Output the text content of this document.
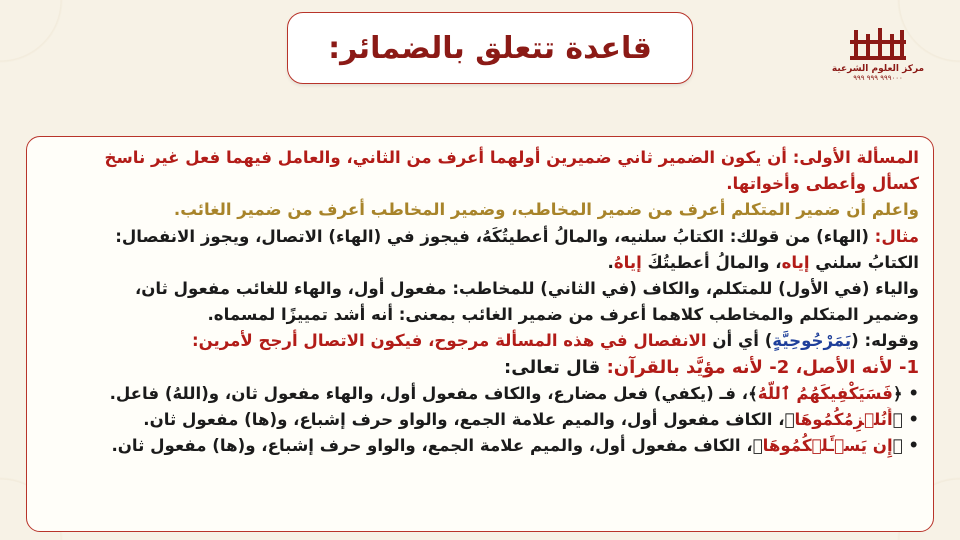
قاعدة تتعلق بالضمائر:
مركز العلوم الشرعية
٩٩٩٠٠٠ ٩٩٩ ٩٩٩
المسألة الأولى: أن يكون الضمير ثاني ضميرين أولهما أعرف من الثاني، والعامل فيهما فعل غير ناسخ
كسأل وأعطى وأخواتها.
واعلم أن ضمير المتكلم أعرف من ضمير المخاطب، وضمير المخاطب أعرف من ضمير الغائب.
مثال: (الهاء) من قولك: الكتابُ سلنيه، والمالُ أعطيتُكَهُ، فيجوز في (الهاء) الاتصال، ويجوز الانفصال:
الكتابُ سلني إياه، والمالُ أعطيتُكَ إياهُ.
والياء (في الأول) للمتكلم، والكاف (في الثاني) للمخاطب: مفعول أول، والهاء للغائب مفعول ثان،
وضمير المتكلم والمخاطب كلاهما أعرف من ضمير الغائب بمعنى: أنه أشد تمييزًا لمسماه.
وقوله: (يَمَرْجُوحِيَّةٍ) أي أن الانفصال في هذه المسألة مرجوح، فيكون الاتصال أرجح لأمرين:
1- لأنه الأصل، 2- لأنه مؤيَّد بالقرآن: قال تعالى:
• ﴿فَسَيَكْفِيكَهُمُ ٱللَّهُ﴾، فـ (يكفي) فعل مضارع، والكاف مفعول أول، والهاء مفعول ثان، و(اللهُ) فاعل.
• ﴿أَنُلۡزِمُكُمُوهَا﴾، الكاف مفعول أول، والميم علامة الجمع، والواو حرف إشباع، و(ها) مفعول ثان.
• ﴿إِن يَسۡـَٔلۡكُمُوهَا﴾، الكاف مفعول أول، والميم علامة الجمع، والواو حرف إشباع، و(ها) مفعول ثان.
